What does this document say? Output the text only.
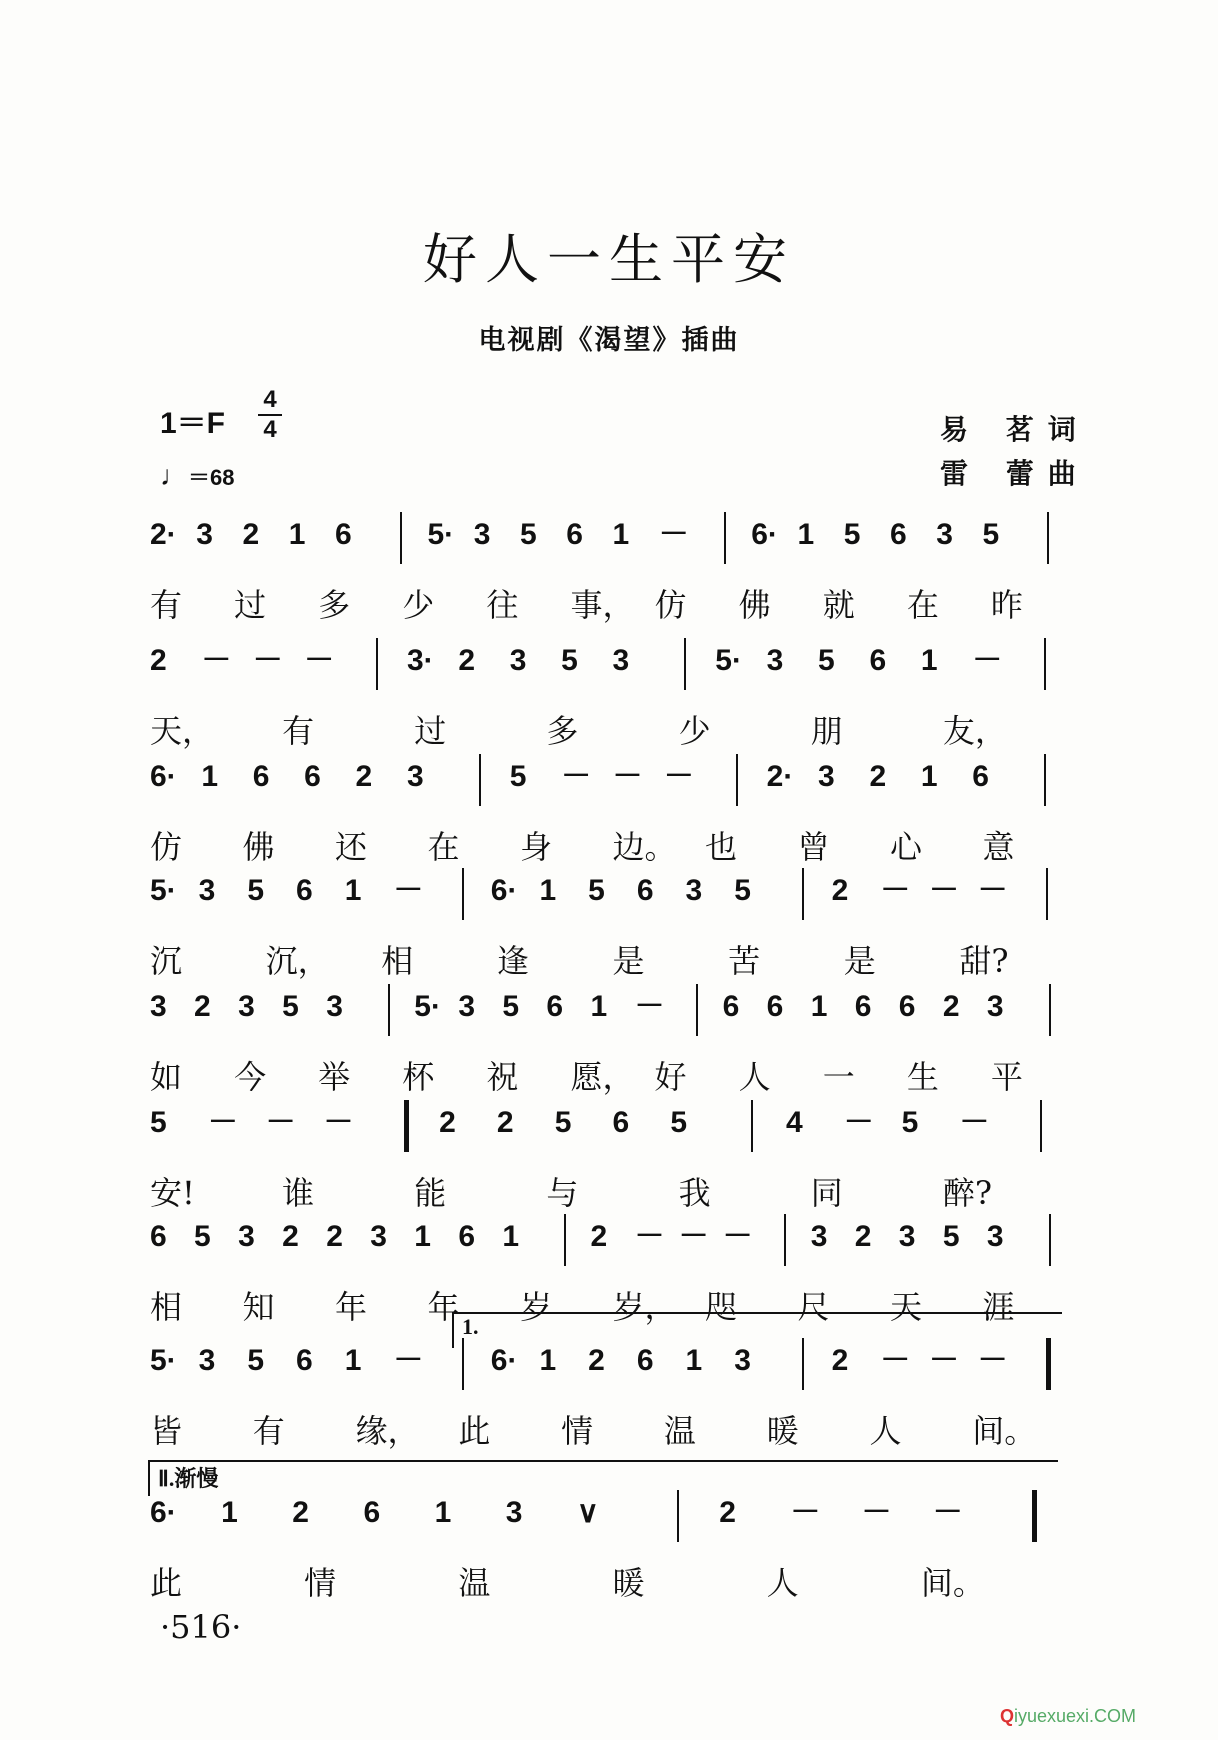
好人一生平安
电视剧《渴望》插曲
1＝F
4
4
♩＝68
易 茗词
雷 蕾曲
2· 3 2 1 6	5· 3 5 6 1 － 6· 1 5 6 3 5
有 过 多 少 往 事， 仿 佛 就 在 昨
2 － － － 3· 2 3 5 3	5· 3 5 6 1 －
天， 有	过	多	少	朋	友，
6· 1 6 6 2 3	5 － － － 2· 3 2 1 6
仿 佛 还 在 身 边。 也 曾 心 意
5· 3 5 6 1 － 6· 1 5 6 3 5	2 － － －
沉	沉， 相	逢	是	苦	是	甜?
3 2 3 5 3 5· 3 5 6 1 － 6 6 1 6 6 2 3
如 今 举 杯 祝 愿， 好 人 一 生 平
5 － － －	2 2 5 6 5	4 － 5 －
安!	谁	能	与	我	同	醉?
6 5 3 2 2 3 1 6 1 2 － － － 3 2 3 5 3
相 知 年 年 岁 岁， 咫 尺 天 涯
5· 3 5 6 1 － 6· 1 2 6 1 3	2 － － －
皆 有 缘， 此 情 温 暖 人 间。
6· 1 2 6 1 3 ∨	2 － － －
此	情	温	暖	人	间。
1.
Ⅱ.渐慢
·516·
Qiyuexuexi.COM
